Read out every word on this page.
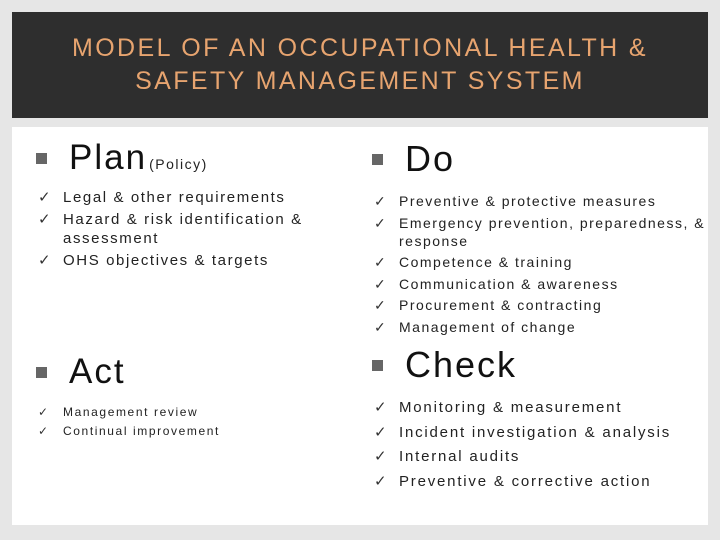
MODEL OF AN OCCUPATIONAL HEALTH &
SAFETY MANAGEMENT SYSTEM
Plan (Policy)
✓ Legal & other requirements
✓ Hazard & risk identification & assessment
✓ OHS objectives & targets
Do
✓ Preventive & protective measures
✓ Emergency prevention, preparedness, & response
✓ Competence & training
✓ Communication & awareness
✓ Procurement & contracting
✓ Management of change
Act
✓ Management review
✓ Continual improvement
Check
✓ Monitoring & measurement
✓ Incident investigation & analysis
✓ Internal audits
✓ Preventive & corrective action
